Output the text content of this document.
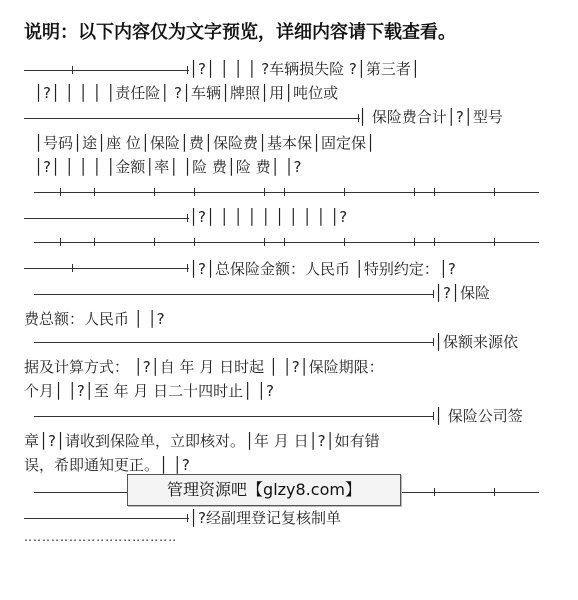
说明：以下内容仅为文字预览，详细内容请下载查看。
│?│ │ │ │ ?车辆损失险 ?│第三者│
│?│ │ │ │ │责任险│ ?│车辆│牌照│用│吨位或
│ 保险费合计│?│型号
│号码│途│座 位│保险│费│保险费│基本保│固定保│
│?│ │ │ │ │金额│率│ │险 费│险 费│ │?
│?│ │ │ │ │ │ │ │ │ │?
│?│总保险金额：人民币 │特别约定：│?
│?│保险
费总额：人民币 │ │?
│保额来源依
据及计算方式： │?│自 年 月 日时起 │ │?│保险期限：
个月│ │?│至 年 月 日二十四时止│ │?
│ 保险公司签
章│?│请收到保险单，立即核对。│年 月 日│?│如有错
误，希即通知更正。│ │?
│?经副理登记复核制单
管理资源吧【glzy8.com】
‥‥‥‥‥‥‥‥‥‥‥‥‥‥‥‥‥
